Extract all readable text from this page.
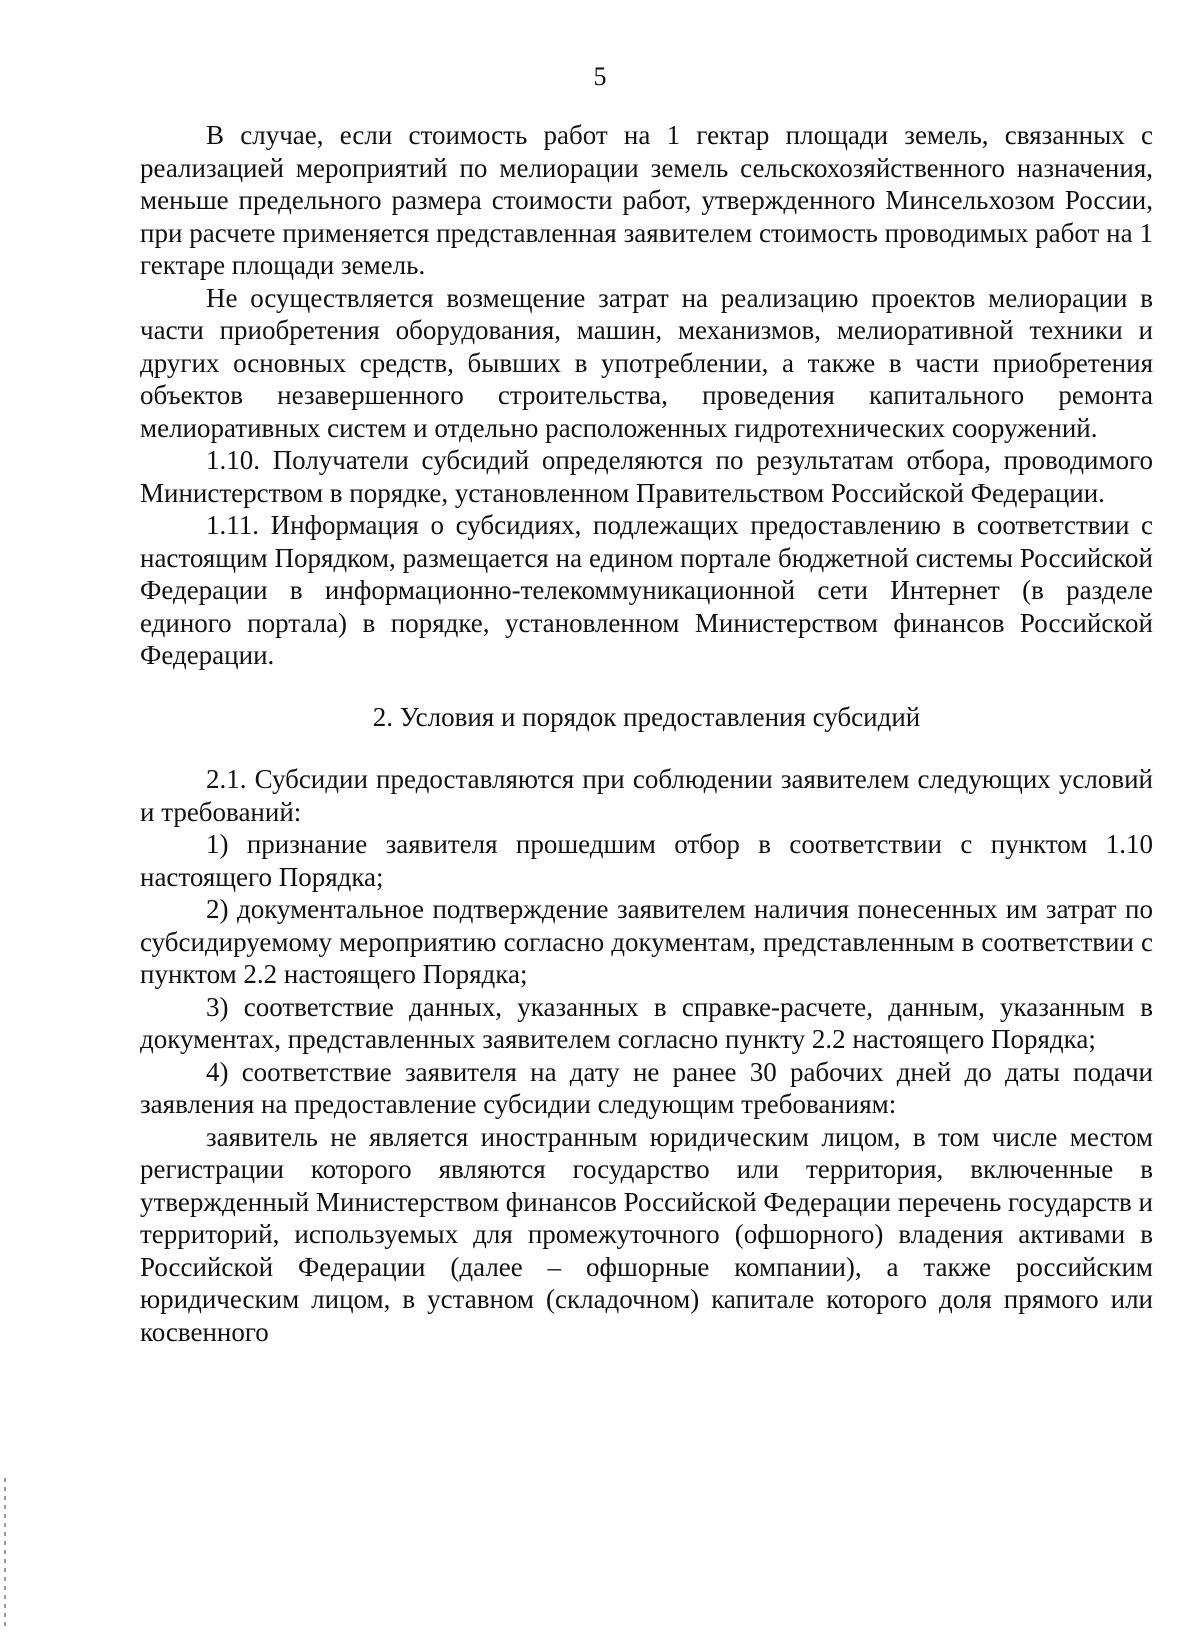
5

В случае, если стоимость работ на 1 гектар площади земель, связанных с реализацией мероприятий по мелиорации земель сельскохозяйственного назначения, меньше предельного размера стоимости работ, утвержденного Минсельхозом России, при расчете применяется представленная заявителем стоимость проводимых работ на 1 гектаре площади земель.

Не осуществляется возмещение затрат на реализацию проектов мелиорации в части приобретения оборудования, машин, механизмов, мелиоративной техники и других основных средств, бывших в употреблении, а также в части приобретения объектов незавершенного строительства, проведения капитального ремонта мелиоративных систем и отдельно расположенных гидротехнических сооружений.

1.10. Получатели субсидий определяются по результатам отбора, проводимого Министерством в порядке, установленном Правительством Российской Федерации.

1.11. Информация о субсидиях, подлежащих предоставлению в соответствии с настоящим Порядком, размещается на едином портале бюджетной системы Российской Федерации в информационно-телекоммуникационной сети Интернет (в разделе единого портала) в порядке, установленном Министерством финансов Российской Федерации.

2. Условия и порядок предоставления субсидий

2.1. Субсидии предоставляются при соблюдении заявителем следующих условий и требований:

1) признание заявителя прошедшим отбор в соответствии с пунктом 1.10 настоящего Порядка;

2) документальное подтверждение заявителем наличия понесенных им затрат по субсидируемому мероприятию согласно документам, представленным в соответствии с пунктом 2.2 настоящего Порядка;

3) соответствие данных, указанных в справке-расчете, данным, указанным в документах, представленных заявителем согласно пункту 2.2 настоящего Порядка;

4) соответствие заявителя на дату не ранее 30 рабочих дней до даты подачи заявления на предоставление субсидии следующим требованиям:

заявитель не является иностранным юридическим лицом, в том числе местом регистрации которого являются государство или территория, включенные в утвержденный Министерством финансов Российской Федерации перечень государств и территорий, используемых для промежуточного (офшорного) владения активами в Российской Федерации (далее – офшорные компании), а также российским юридическим лицом, в уставном (складочном) капитале которого доля прямого или косвенного
